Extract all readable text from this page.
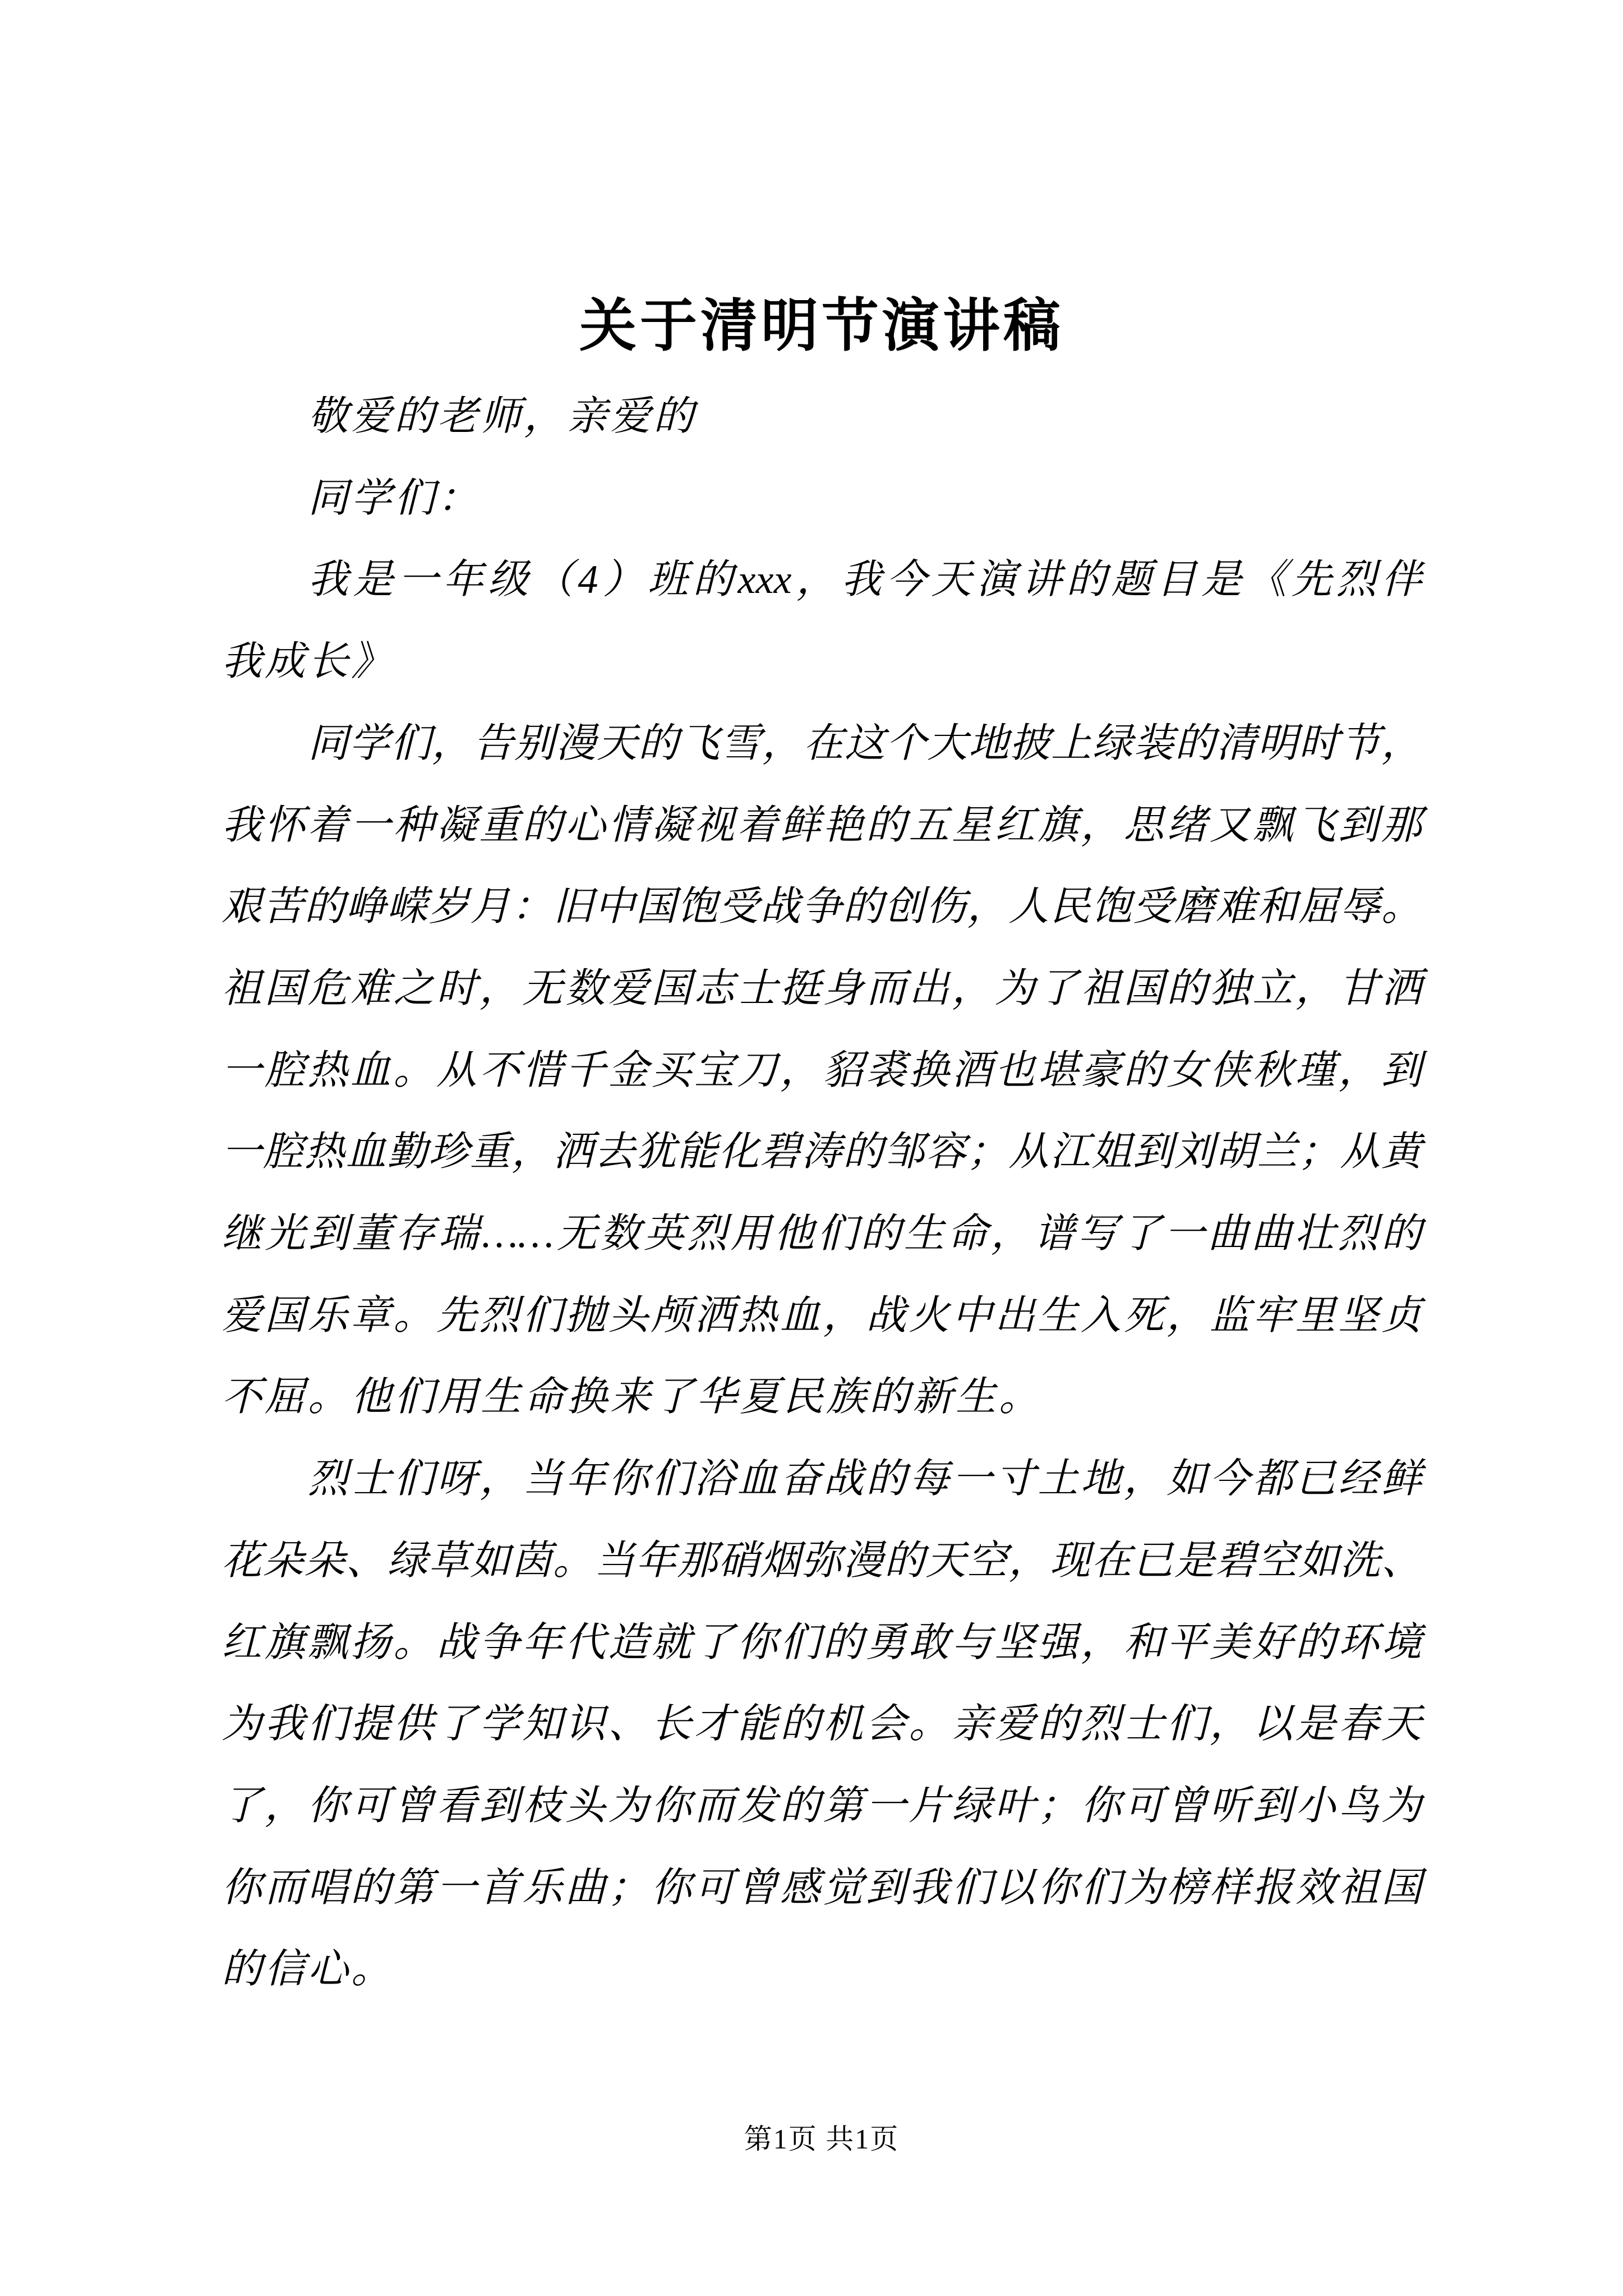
关于清明节演讲稿
敬爱的老师，亲爱的
同学们：
我是一年级（4）班的xxx，我今天演讲的题目是《先烈伴
我成长》
同学们，告别漫天的飞雪，在这个大地披上绿装的清明时节，
我怀着一种凝重的心情凝视着鲜艳的五星红旗，思绪又飘飞到那
艰苦的峥嵘岁月：旧中国饱受战争的创伤，人民饱受磨难和屈辱。
祖国危难之时，无数爱国志士挺身而出，为了祖国的独立，甘洒
一腔热血。从不惜千金买宝刀，貂裘换酒也堪豪的女侠秋瑾，到
一腔热血勤珍重，洒去犹能化碧涛的邹容；从江姐到刘胡兰；从黄
继光到董存瑞……无数英烈用他们的生命，谱写了一曲曲壮烈的
爱国乐章。先烈们抛头颅洒热血，战火中出生入死，监牢里坚贞
不屈。他们用生命换来了华夏民族的新生。
烈士们呀，当年你们浴血奋战的每一寸土地，如今都已经鲜
花朵朵、绿草如茵。当年那硝烟弥漫的天空，现在已是碧空如洗、
红旗飘扬。战争年代造就了你们的勇敢与坚强，和平美好的环境
为我们提供了学知识、长才能的机会。亲爱的烈士们，以是春天
了，你可曾看到枝头为你而发的第一片绿叶；你可曾听到小鸟为
你而唱的第一首乐曲；你可曾感觉到我们以你们为榜样报效祖国
的信心。
第1页 共1页
